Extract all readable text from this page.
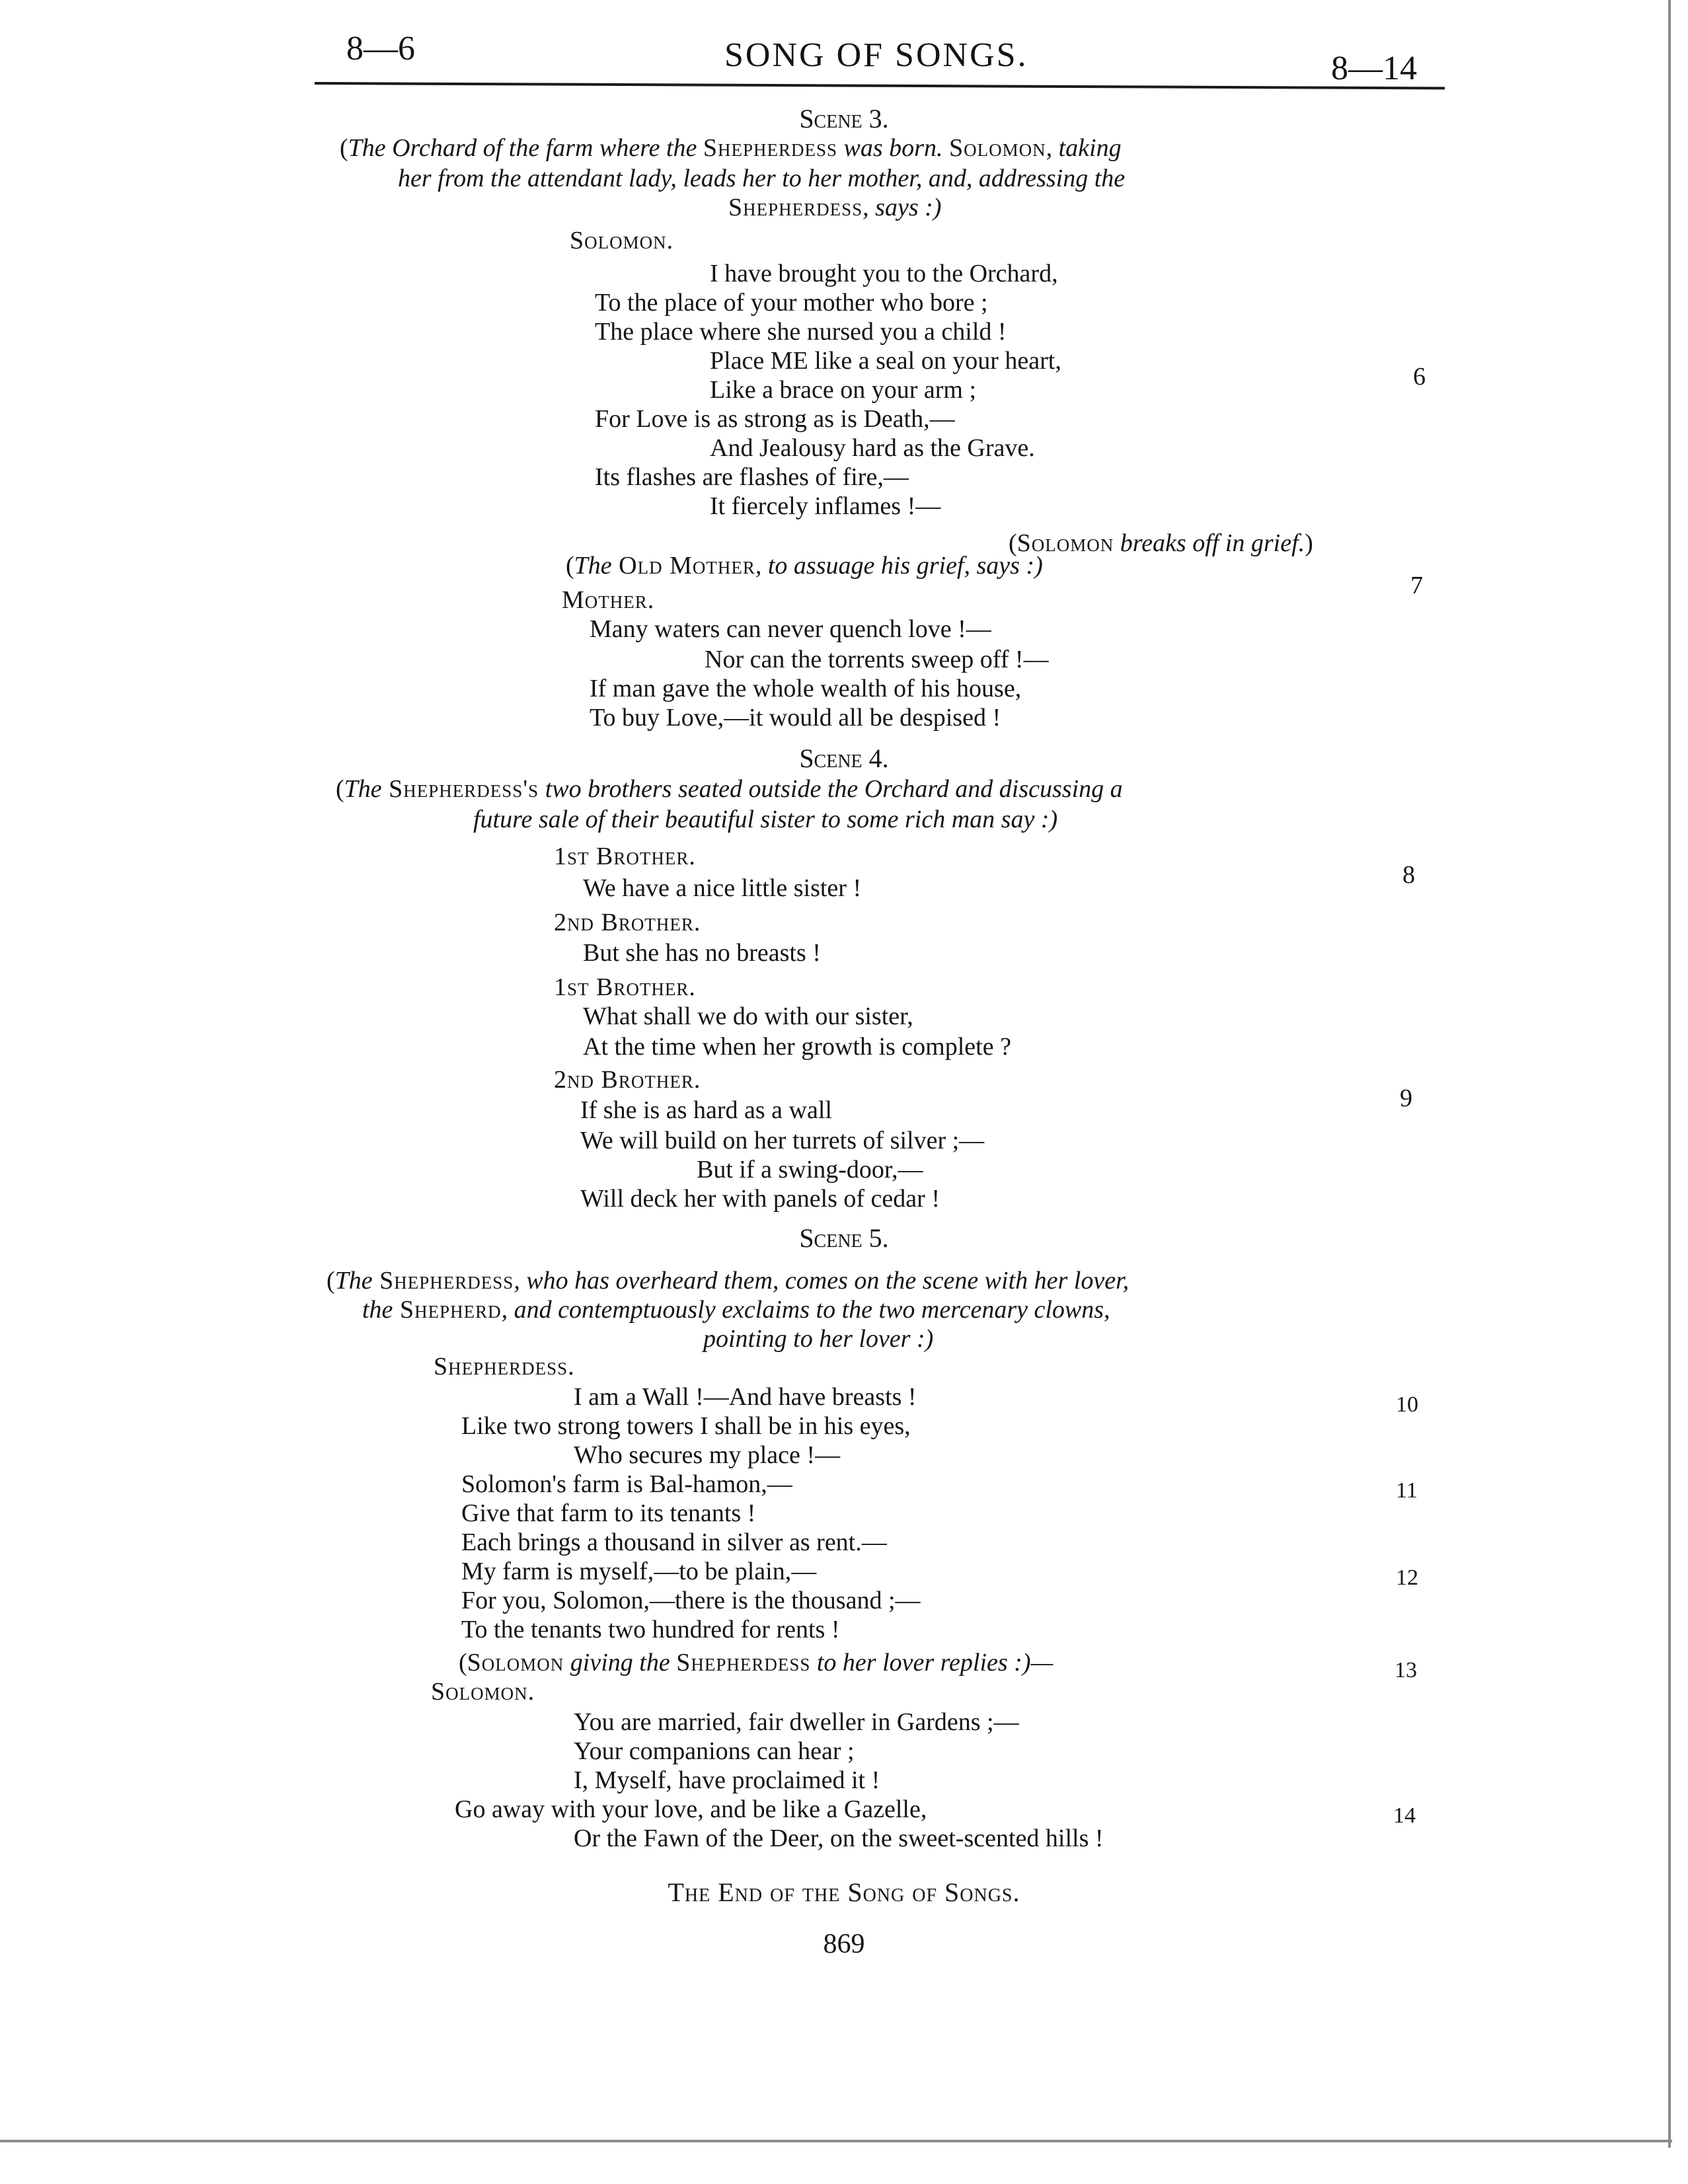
8—6	SONG OF SONGS.	8—14
Scene 3.
(The Orchard of the farm where the Shepherdess was born. Solomon, taking
her from the attendant lady, leads her to her mother, and, addressing the
Shepherdess, says :)
Solomon.
I have brought you to the Orchard,
To the place of your mother who bore ;
The place where she nursed you a child !
Place ME like a seal on your heart,
6
Like a brace on your arm ;
For Love is as strong as is Death,—
And Jealousy hard as the Grave.
Its flashes are flashes of fire,—
It fiercely inflames !—
(Solomon breaks off in grief.)
(The Old Mother, to assuage his grief, says :)
7
Mother.
Many waters can never quench love !—
Nor can the torrents sweep off !—
If man gave the whole wealth of his house,
To buy Love,—it would all be despised !
Scene 4.
(The Shepherdess's two brothers seated outside the Orchard and discussing a
future sale of their beautiful sister to some rich man say :)
1st Brother.
8
We have a nice little sister !
2nd Brother.
But she has no breasts !
1st Brother.
What shall we do with our sister,
At the time when her growth is complete ?
2nd Brother.
9
If she is as hard as a wall
We will build on her turrets of silver ;—
But if a swing-door,—
Will deck her with panels of cedar !
Scene 5.
(The Shepherdess, who has overheard them, comes on the scene with her lover,
the Shepherd, and contemptuously exclaims to the two mercenary clowns,
pointing to her lover :)
Shepherdess.
I am a Wall !—And have breasts !	10
Like two strong towers I shall be in his eyes,
Who secures my place !—
Solomon's farm is Bal-hamon,—	11
Give that farm to its tenants !
Each brings a thousand in silver as rent.—
My farm is myself,—to be plain,—	12
For you, Solomon,—there is the thousand ;—
To the tenants two hundred for rents !
(Solomon giving the Shepherdess to her lover replies :)—	13
Solomon.
You are married, fair dweller in Gardens ;—
Your companions can hear ;
I, Myself, have proclaimed it !
Go away with your love, and be like a Gazelle,	14
Or the Fawn of the Deer, on the sweet-scented hills !
The End of the Song of Songs.
869
